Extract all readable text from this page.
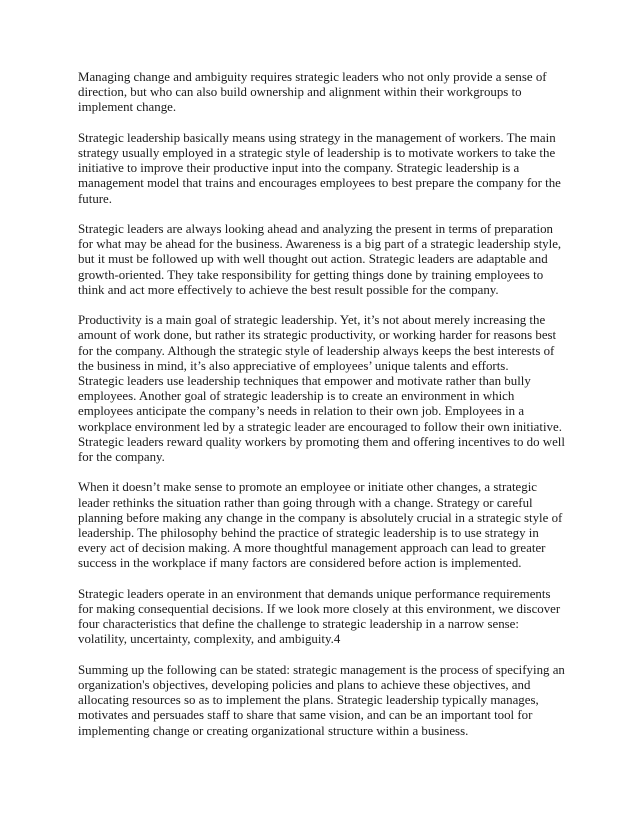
Managing change and ambiguity requires strategic leaders who not only provide a sense of direction, but who can also build ownership and alignment within their workgroups to implement change.

Strategic leadership basically means using strategy in the management of workers. The main strategy usually employed in a strategic style of leadership is to motivate workers to take the initiative to improve their productive input into the company. Strategic leadership is a management model that trains and encourages employees to best prepare the company for the future.

Strategic leaders are always looking ahead and analyzing the present in terms of preparation for what may be ahead for the business. Awareness is a big part of a strategic leadership style, but it must be followed up with well thought out action. Strategic leaders are adaptable and growth-oriented. They take responsibility for getting things done by training employees to think and act more effectively to achieve the best result possible for the company.

Productivity is a main goal of strategic leadership. Yet, it’s not about merely increasing the amount of work done, but rather its strategic productivity, or working harder for reasons best for the company. Although the strategic style of leadership always keeps the best interests of the business in mind, it’s also appreciative of employees’ unique talents and efforts.

Strategic leaders use leadership techniques that empower and motivate rather than bully employees. Another goal of strategic leadership is to create an environment in which employees anticipate the company’s needs in relation to their own job. Employees in a workplace environment led by a strategic leader are encouraged to follow their own initiative. Strategic leaders reward quality workers by promoting them and offering incentives to do well for the company.

When it doesn’t make sense to promote an employee or initiate other changes, a strategic leader rethinks the situation rather than going through with a change. Strategy or careful planning before making any change in the company is absolutely crucial in a strategic style of leadership. The philosophy behind the practice of strategic leadership is to use strategy in every act of decision making. A more thoughtful management approach can lead to greater success in the workplace if many factors are considered before action is implemented.

Strategic leaders operate in an environment that demands unique performance requirements for making consequential decisions. If we look more closely at this environment, we discover four characteristics that define the challenge to strategic leadership in a narrow sense: volatility, uncertainty, complexity, and ambiguity.4

Summing up the following can be stated: strategic management is the process of specifying an organization's objectives, developing policies and plans to achieve these objectives, and allocating resources so as to implement the plans. Strategic leadership typically manages, motivates and persuades staff to share that same vision, and can be an important tool for implementing change or creating organizational structure within a business.
